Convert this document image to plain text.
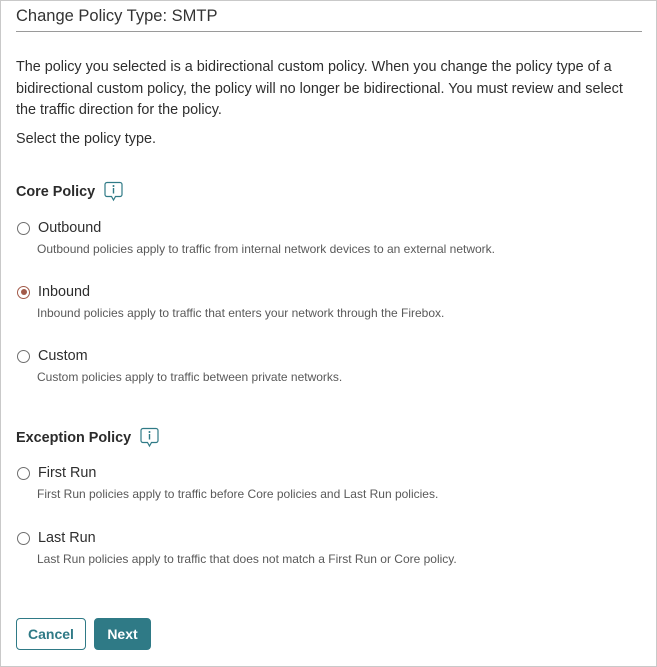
Change Policy Type: SMTP
The policy you selected is a bidirectional custom policy. When you change the policy type of a bidirectional custom policy, the policy will no longer be bidirectional. You must review and select the traffic direction for the policy.
Select the policy type.
Core Policy
Outbound
Outbound policies apply to traffic from internal network devices to an external network.
Inbound
Inbound policies apply to traffic that enters your network through the Firebox.
Custom
Custom policies apply to traffic between private networks.
Exception Policy
First Run
First Run policies apply to traffic before Core policies and Last Run policies.
Last Run
Last Run policies apply to traffic that does not match a First Run or Core policy.
Cancel	Next
